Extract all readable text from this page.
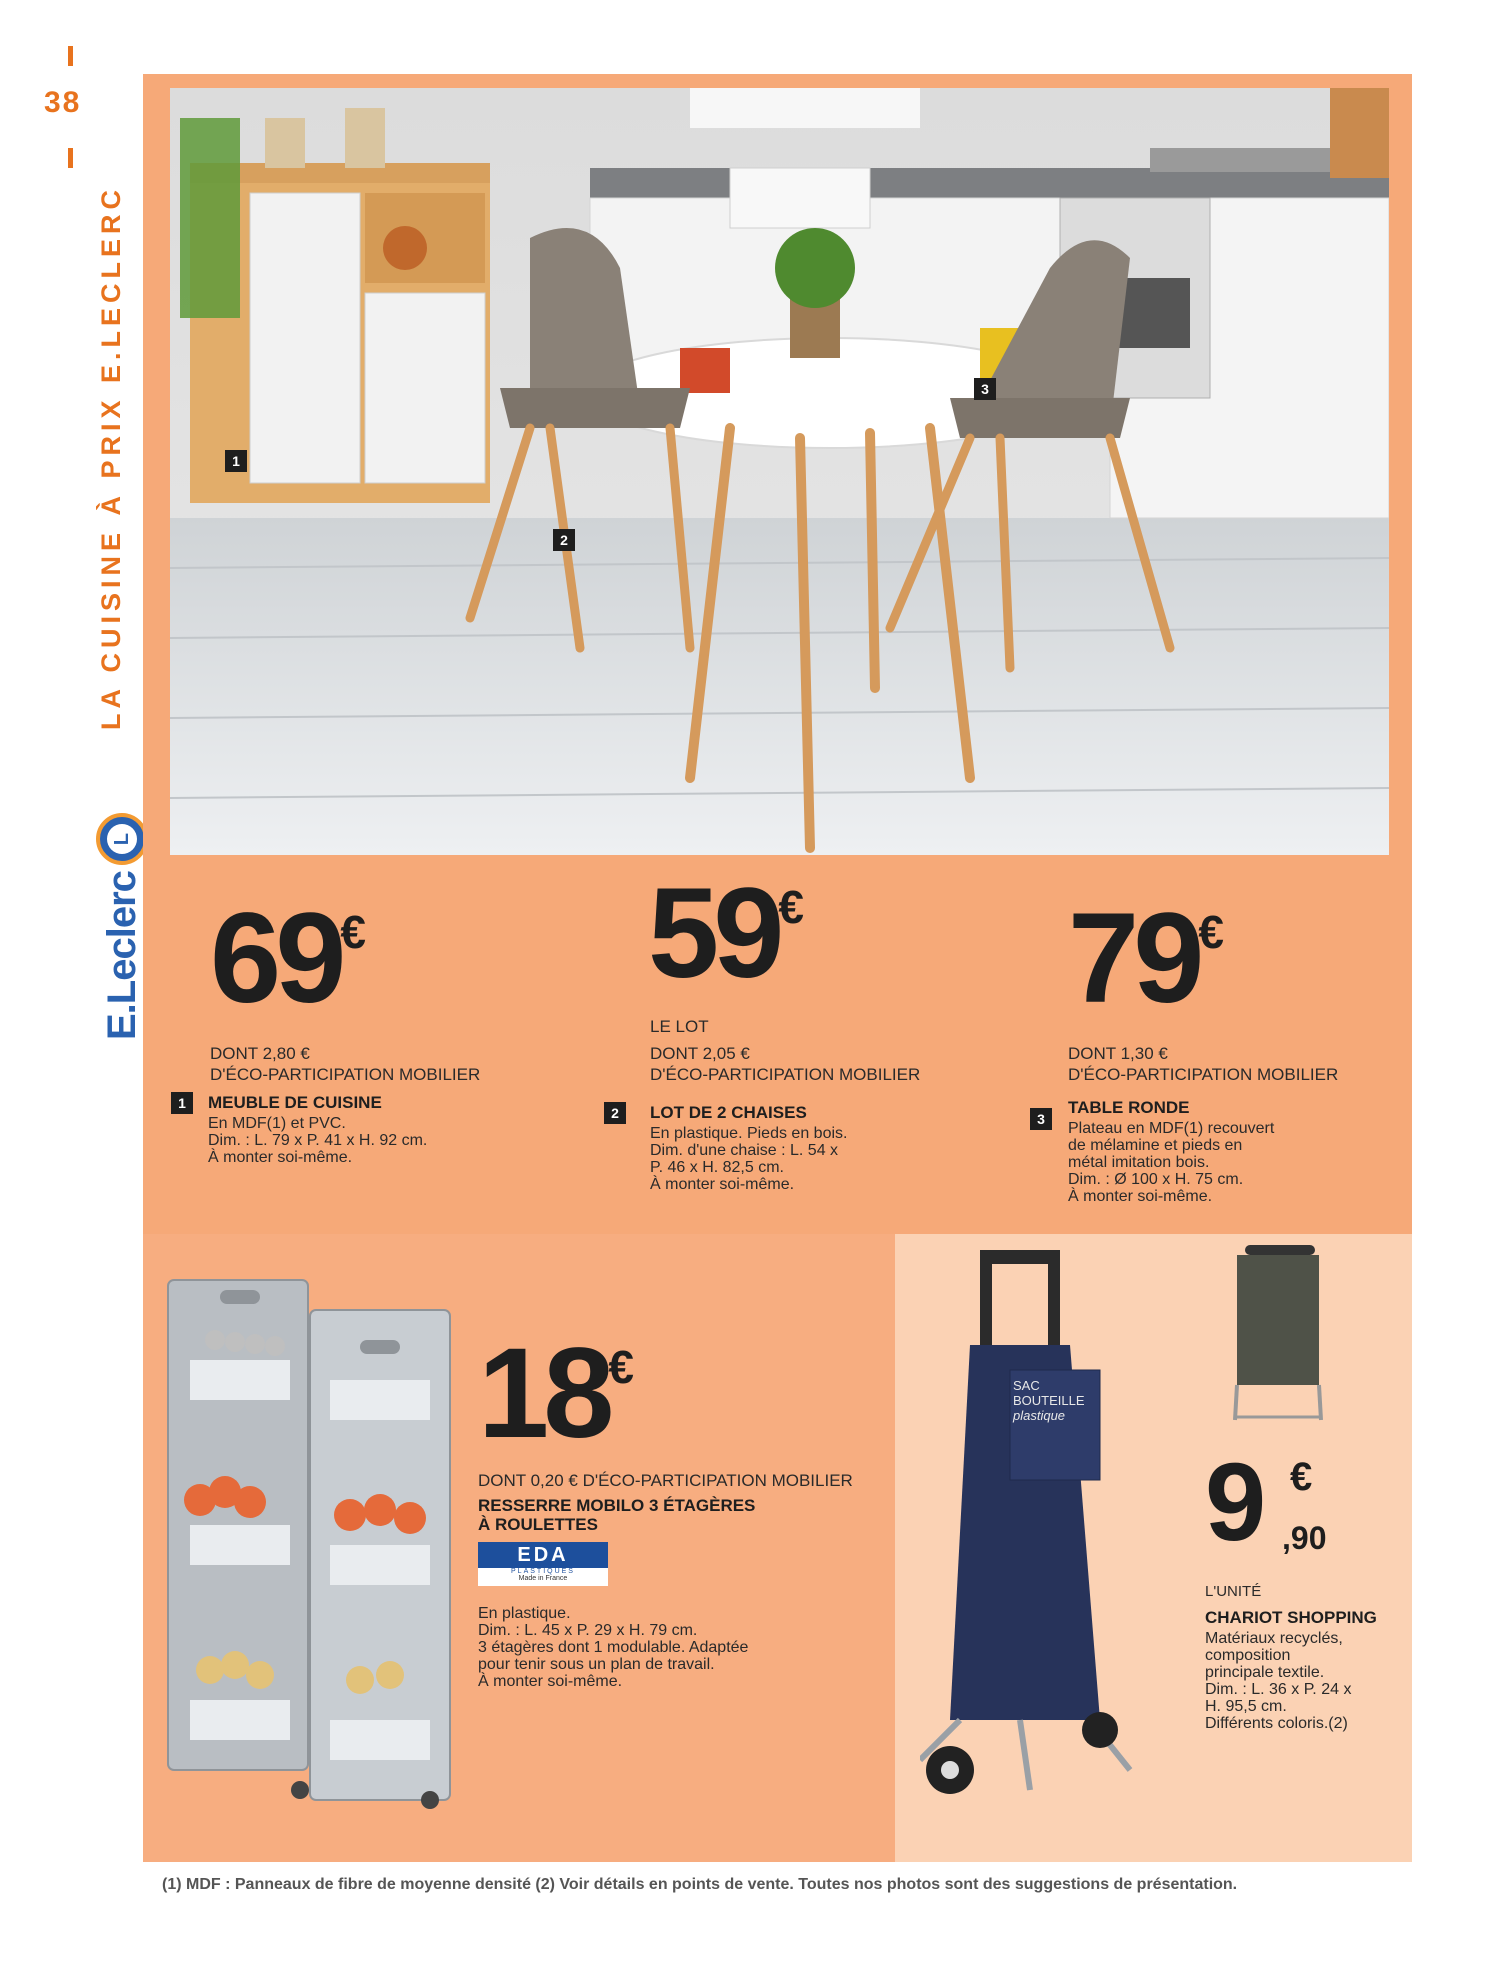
38
LA CUISINE À PRIX E.LECLERC
E.Leclerc
L
1
2
3
69€
DONT 2,80 €
D'ÉCO-PARTICIPATION MOBILIER
1	MEUBLE DE CUISINE
En MDF(1) et PVC.
Dim. : L. 79 x P. 41 x H. 92 cm.
À monter soi-même.
59€
LE LOT
DONT 2,05 €
D'ÉCO-PARTICIPATION MOBILIER
2	LOT DE 2 CHAISES
En plastique. Pieds en bois.
Dim. d'une chaise : L. 54 x
P. 46 x H. 82,5 cm.
À monter soi-même.
79€
DONT 1,30 €
D'ÉCO-PARTICIPATION MOBILIER
3
TABLE RONDE
Plateau en MDF(1) recouvert
de mélamine et pieds en
métal imitation bois.
Dim. : Ø 100 x H. 75 cm.
À monter soi-même.
18€
DONT 0,20 € D'ÉCO-PARTICIPATION MOBILIER
RESSERRE MOBILO 3 ÉTAGÈRES
À ROULETTES
EDA
PLASTIQUES
Made in France
En plastique.
Dim. : L. 45 x P. 29 x H. 79 cm.
3 étagères dont 1 modulable. Adaptée
pour tenir sous un plan de travail.
À monter soi-même.
SAC
BOUTEILLE
plastique
9 €
,90
L'UNITÉ
CHARIOT SHOPPING
Matériaux recyclés,
composition
principale textile.
Dim. : L. 36 x P. 24 x
H. 95,5 cm.
Différents coloris.(2)
(1) MDF : Panneaux de fibre de moyenne densité (2) Voir détails en points de vente. Toutes nos photos sont des suggestions de présentation.
